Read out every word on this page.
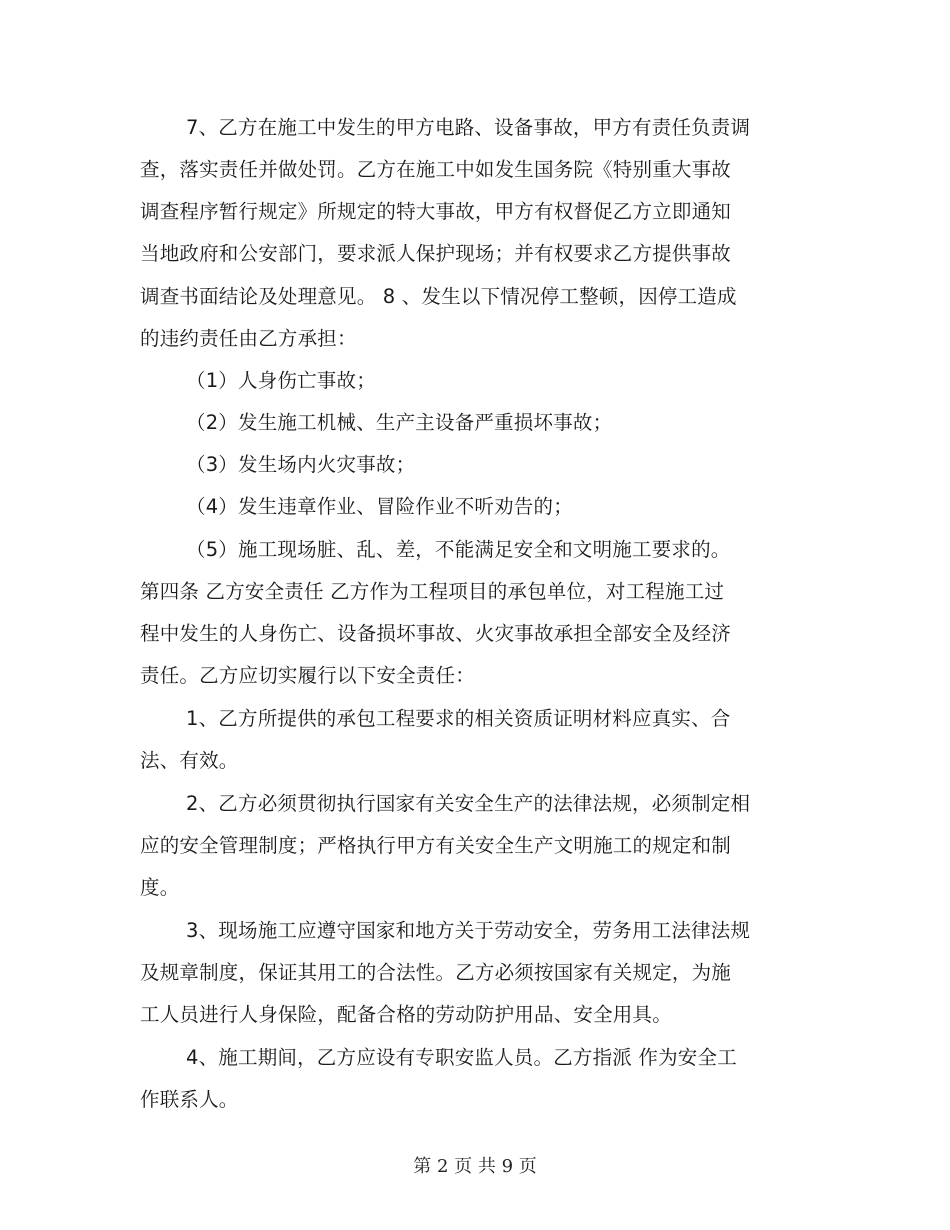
7、乙方在施工中发生的甲方电路、设备事故，甲方有责任负责调
查，落实责任并做处罚。乙方在施工中如发生国务院《特别重大事故
调查程序暂行规定》所规定的特大事故，甲方有权督促乙方立即通知
当地政府和公安部门，要求派人保护现场；并有权要求乙方提供事故
调查书面结论及处理意见。 8 、发生以下情况停工整顿，因停工造成
的违约责任由乙方承担：
（1）人身伤亡事故；
（2）发生施工机械、生产主设备严重损坏事故；
（3）发生场内火灾事故；
（4）发生违章作业、冒险作业不听劝告的；
（5）施工现场脏、乱、差，不能满足安全和文明施工要求的。
第四条 乙方安全责任 乙方作为工程项目的承包单位，对工程施工过
程中发生的人身伤亡、设备损坏事故、火灾事故承担全部安全及经济
责任。乙方应切实履行以下安全责任：
1、乙方所提供的承包工程要求的相关资质证明材料应真实、合
法、有效。
2、乙方必须贯彻执行国家有关安全生产的法律法规，必须制定相
应的安全管理制度；严格执行甲方有关安全生产文明施工的规定和制
度。
3、现场施工应遵守国家和地方关于劳动安全，劳务用工法律法规
及规章制度，保证其用工的合法性。乙方必须按国家有关规定，为施
工人员进行人身保险，配备合格的劳动防护用品、安全用具。
4、施工期间，乙方应设有专职安监人员。乙方指派 作为安全工
作联系人。
第 2 页 共 9 页
